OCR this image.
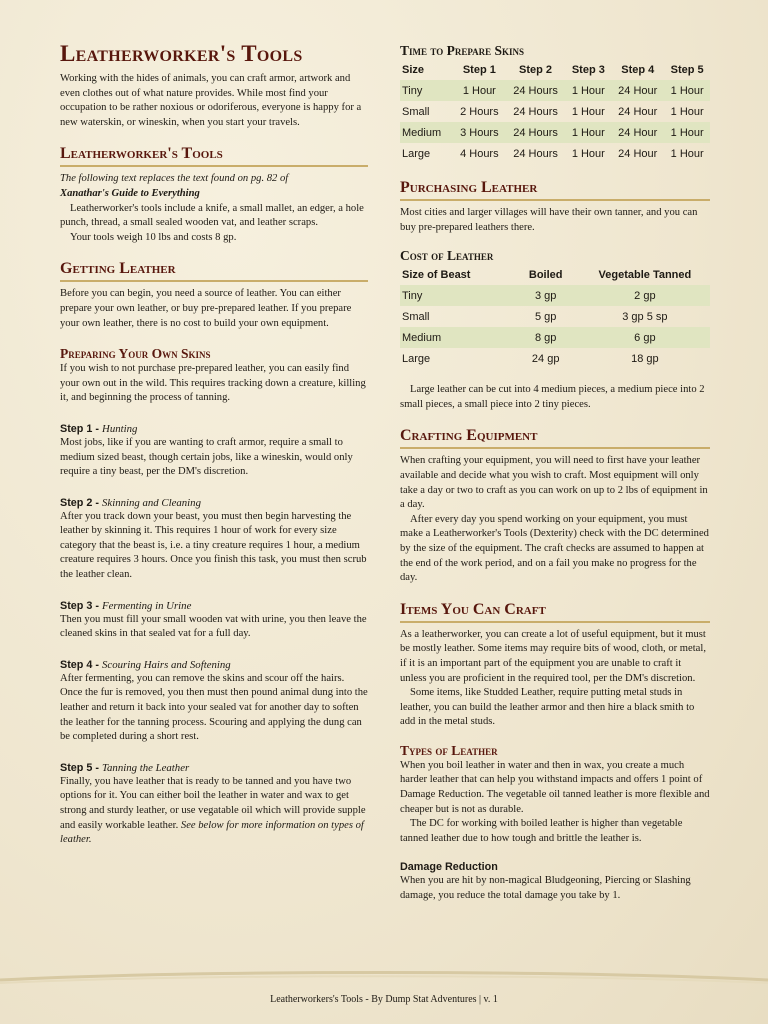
Leatherworker's Tools

Working with the hides of animals, you can craft armor, artwork and even clothes out of what nature provides. While most find your occupation to be rather noxious or odoriferous, everyone is happy for a new waterskin, or wineskin, when you start your travels.

Leatherworker's Tools

The following text replaces the text found on pg. 82 of
Xanathar's Guide to Everything

Leatherworker's tools include a knife, a small mallet, an edger, a hole punch, thread, a small sealed wooden vat, and leather scraps.

Your tools weigh 10 lbs and costs 8 gp.

Getting Leather

Before you can begin, you need a source of leather. You can either prepare your own leather, or buy pre-prepared leather. If you prepare your own leather, there is no cost to build your own equipment.

Preparing Your Own Skins

If you wish to not purchase pre-prepared leather, you can easily find your own out in the wild. This requires tracking down a creature, killing it, and beginning the process of tanning.

Step 1 - Hunting

Most jobs, like if you are wanting to craft armor, require a small to medium sized beast, though certain jobs, like a wineskin, would only require a tiny beast, per the DM's discretion.

Step 2 - Skinning and Cleaning

After you track down your beast, you must then begin harvesting the leather by skinning it. This requires 1 hour of work for every size category that the beast is, i.e. a tiny creature requires 1 hour, a medium creature requires 3 hours. Once you finish this task, you must then scrub the leather clean.

Step 3 - Fermenting in Urine

Then you must fill your small wooden vat with urine, you then leave the cleaned skins in that sealed vat for a full day.

Step 4 - Scouring Hairs and Softening

After fermenting, you can remove the skins and scour off the hairs. Once the fur is removed, you then must then pound animal dung into the leather and return it back into your sealed vat for another day to soften the leather for the tanning process. Scouring and applying the dung can be completed during a short rest.

Step 5 - Tanning the Leather

Finally, you have leather that is ready to be tanned and you have two options for it. You can either boil the leather in water and wax to get strong and sturdy leather, or use vegatable oil which will provide supple and easily workable leather. See below for more information on types of leather.

Time to Prepare Skins
Size	Step 1	Step 2	Step 3	Step 4	Step 5
Tiny	1 Hour	24 Hours	1 Hour	24 Hour	1 Hour
Small	2 Hours	24 Hours	1 Hour	24 Hour	1 Hour
Medium	3 Hours	24 Hours	1 Hour	24 Hour	1 Hour
Large	4 Hours	24 Hours	1 Hour	24 Hour	1 Hour
Purchasing Leather

Most cities and larger villages will have their own tanner, and you can buy pre-prepared leathers there.

Cost of Leather
Size of Beast	Boiled	Vegetable Tanned
Tiny	3 gp	2 gp
Small	5 gp	3 gp 5 sp
Medium	8 gp	6 gp
Large	24 gp	18 gp

Large leather can be cut into 4 medium pieces, a medium piece into 2 small pieces, a small piece into 2 tiny pieces.

Crafting Equipment

When crafting your equipment, you will need to first have your leather available and decide what you wish to craft. Most equipment will only take a day or two to craft as you can work on up to 2 lbs of equipment in a day.

After every day you spend working on your equipment, you must make a Leatherworker's Tools (Dexterity) check with the DC determined by the size of the equipment. The craft checks are assumed to happen at the end of the work period, and on a fail you make no progress for the day.

Items You Can Craft

As a leatherworker, you can create a lot of useful equipment, but it must be mostly leather. Some items may require bits of wood, cloth, or metal, if it is an important part of the equipment you are unable to craft it unless you are proficient in the required tool, per the DM's discretion.

Some items, like Studded Leather, require putting metal studs in leather, you can build the leather armor and then hire a black smith to add in the metal studs.

Types of Leather

When you boil leather in water and then in wax, you create a much harder leather that can help you withstand impacts and offers 1 point of Damage Reduction. The vegetable oil tanned leather is more flexible and cheaper but is not as durable.

The DC for working with boiled leather is higher than vegetable tanned leather due to how tough and brittle the leather is.

Damage Reduction

When you are hit by non-magical Bludgeoning, Piercing or Slashing damage, you reduce the total damage you take by 1.

Leatherworkers's Tools - By Dump Stat Adventures | v. 1
